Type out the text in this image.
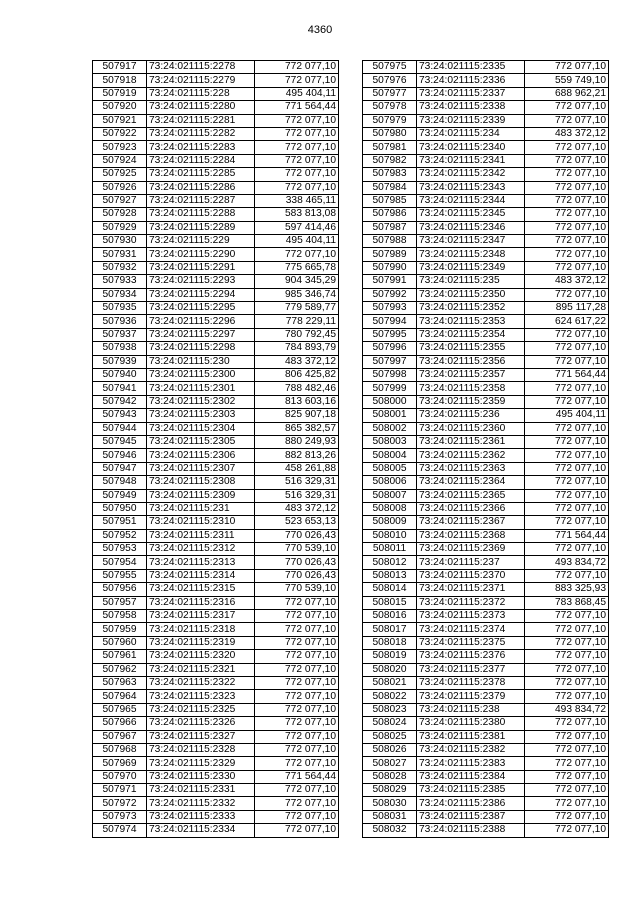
4360
507917	73:24:021115:2278	772 077,10
507918	73:24:021115:2279	772 077,10
507919	73:24:021115:228	495 404,11
507920	73:24:021115:2280	771 564,44
507921	73:24:021115:2281	772 077,10
507922	73:24:021115:2282	772 077,10
507923	73:24:021115:2283	772 077,10
507924	73:24:021115:2284	772 077,10
507925	73:24:021115:2285	772 077,10
507926	73:24:021115:2286	772 077,10
507927	73:24:021115:2287	338 465,11
507928	73:24:021115:2288	583 813,08
507929	73:24:021115:2289	597 414,46
507930	73:24:021115:229	495 404,11
507931	73:24:021115:2290	772 077,10
507932	73:24:021115:2291	775 665,78
507933	73:24:021115:2293	904 345,29
507934	73:24:021115:2294	985 346,74
507935	73:24:021115:2295	779 589,77
507936	73:24:021115:2296	778 229,11
507937	73:24:021115:2297	780 792,45
507938	73:24:021115:2298	784 893,79
507939	73:24:021115:230	483 372,12
507940	73:24:021115:2300	806 425,82
507941	73:24:021115:2301	788 482,46
507942	73:24:021115:2302	813 603,16
507943	73:24:021115:2303	825 907,18
507944	73:24:021115:2304	865 382,57
507945	73:24:021115:2305	880 249,93
507946	73:24:021115:2306	882 813,26
507947	73:24:021115:2307	458 261,88
507948	73:24:021115:2308	516 329,31
507949	73:24:021115:2309	516 329,31
507950	73:24:021115:231	483 372,12
507951	73:24:021115:2310	523 653,13
507952	73:24:021115:2311	770 026,43
507953	73:24:021115:2312	770 539,10
507954	73:24:021115:2313	770 026,43
507955	73:24:021115:2314	770 026,43
507956	73:24:021115:2315	770 539,10
507957	73:24:021115:2316	772 077,10
507958	73:24:021115:2317	772 077,10
507959	73:24:021115:2318	772 077,10
507960	73:24:021115:2319	772 077,10
507961	73:24:021115:2320	772 077,10
507962	73:24:021115:2321	772 077,10
507963	73:24:021115:2322	772 077,10
507964	73:24:021115:2323	772 077,10
507965	73:24:021115:2325	772 077,10
507966	73:24:021115:2326	772 077,10
507967	73:24:021115:2327	772 077,10
507968	73:24:021115:2328	772 077,10
507969	73:24:021115:2329	772 077,10
507970	73:24:021115:2330	771 564,44
507971	73:24:021115:2331	772 077,10
507972	73:24:021115:2332	772 077,10
507973	73:24:021115:2333	772 077,10
507974	73:24:021115:2334	772 077,10
507975	73:24:021115:2335	772 077,10
507976	73:24:021115:2336	559 749,10
507977	73:24:021115:2337	688 962,21
507978	73:24:021115:2338	772 077,10
507979	73:24:021115:2339	772 077,10
507980	73:24:021115:234	483 372,12
507981	73:24:021115:2340	772 077,10
507982	73:24:021115:2341	772 077,10
507983	73:24:021115:2342	772 077,10
507984	73:24:021115:2343	772 077,10
507985	73:24:021115:2344	772 077,10
507986	73:24:021115:2345	772 077,10
507987	73:24:021115:2346	772 077,10
507988	73:24:021115:2347	772 077,10
507989	73:24:021115:2348	772 077,10
507990	73:24:021115:2349	772 077,10
507991	73:24:021115:235	483 372,12
507992	73:24:021115:2350	772 077,10
507993	73:24:021115:2352	895 117,28
507994	73:24:021115:2353	624 617,22
507995	73:24:021115:2354	772 077,10
507996	73:24:021115:2355	772 077,10
507997	73:24:021115:2356	772 077,10
507998	73:24:021115:2357	771 564,44
507999	73:24:021115:2358	772 077,10
508000	73:24:021115:2359	772 077,10
508001	73:24:021115:236	495 404,11
508002	73:24:021115:2360	772 077,10
508003	73:24:021115:2361	772 077,10
508004	73:24:021115:2362	772 077,10
508005	73:24:021115:2363	772 077,10
508006	73:24:021115:2364	772 077,10
508007	73:24:021115:2365	772 077,10
508008	73:24:021115:2366	772 077,10
508009	73:24:021115:2367	772 077,10
508010	73:24:021115:2368	771 564,44
508011	73:24:021115:2369	772 077,10
508012	73:24:021115:237	493 834,72
508013	73:24:021115:2370	772 077,10
508014	73:24:021115:2371	883 325,93
508015	73:24:021115:2372	783 868,45
508016	73:24:021115:2373	772 077,10
508017	73:24:021115:2374	772 077,10
508018	73:24:021115:2375	772 077,10
508019	73:24:021115:2376	772 077,10
508020	73:24:021115:2377	772 077,10
508021	73:24:021115:2378	772 077,10
508022	73:24:021115:2379	772 077,10
508023	73:24:021115:238	493 834,72
508024	73:24:021115:2380	772 077,10
508025	73:24:021115:2381	772 077,10
508026	73:24:021115:2382	772 077,10
508027	73:24:021115:2383	772 077,10
508028	73:24:021115:2384	772 077,10
508029	73:24:021115:2385	772 077,10
508030	73:24:021115:2386	772 077,10
508031	73:24:021115:2387	772 077,10
508032	73:24:021115:2388	772 077,10
